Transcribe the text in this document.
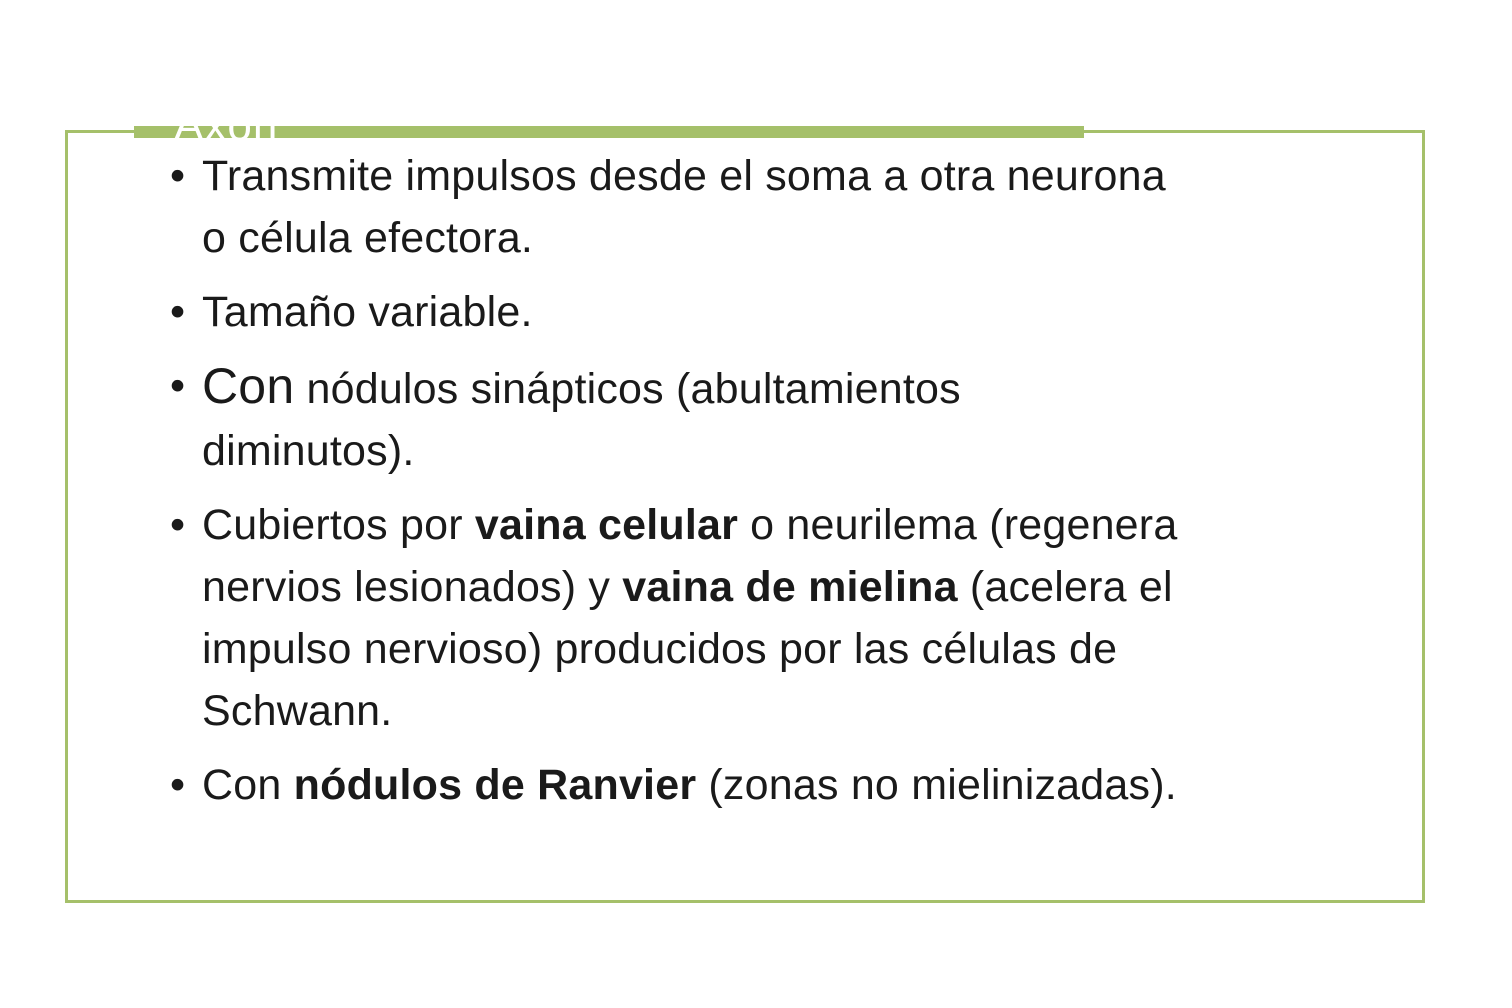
Axón
• Transmite impulsos desde el soma a otra neurona o célula efectora.
• Tamaño variable.
• Con nódulos sinápticos (abultamientos diminutos).
• Cubiertos por vaina celular o neurilema (regenera nervios lesionados) y vaina de mielina (acelera el impulso nervioso) producidos por las células de Schwann.
• Con nódulos de Ranvier (zonas no mielinizadas).
